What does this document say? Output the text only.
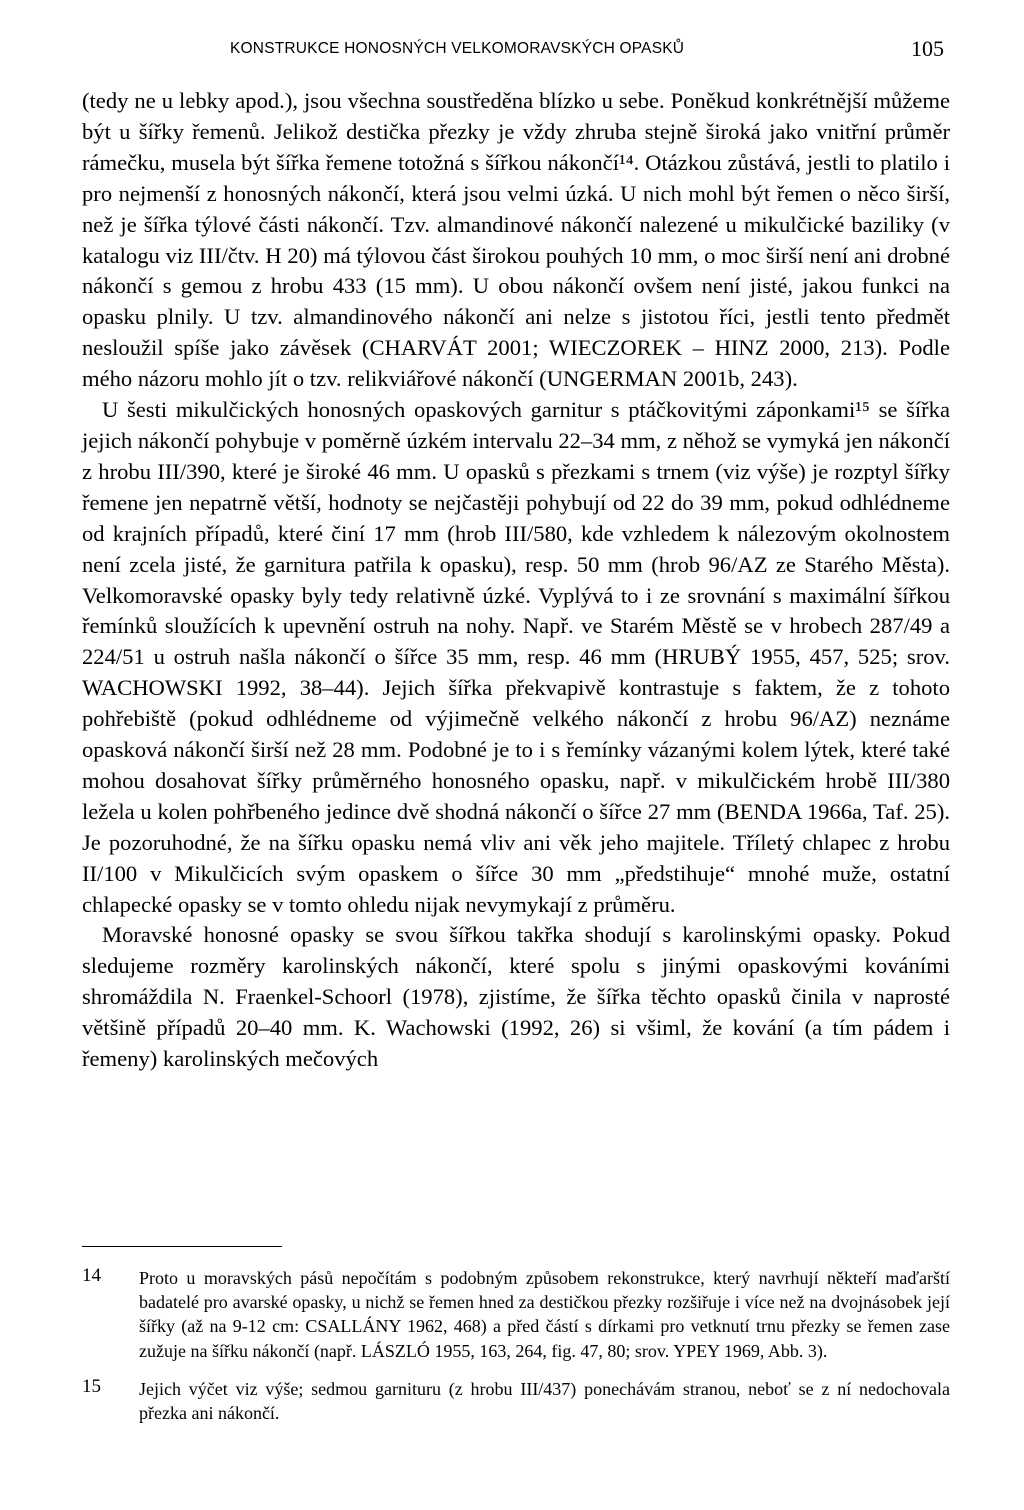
KONSTRUKCE HONOSNÝCH VELKOMORAVSKÝCH OPASKŮ	105

(tedy ne u lebky apod.), jsou všechna soustředěna blízko u sebe. Poněkud konkrétnější můžeme být u šířky řemenů. Jelikož destička přezky je vždy zhruba stejně široká jako vnitřní průměr rámečku, musela být šířka řemene totožná s šířkou nákončí¹⁴. Otázkou zůstává, jestli to platilo i pro nejmenší z honosných nákončí, která jsou velmi úzká. U nich mohl být řemen o něco širší, než je šířka týlové části nákončí. Tzv. almandinové nákončí nalezené u mikulčické baziliky (v katalogu viz III/čtv. H 20) má týlovou část širokou pouhých 10 mm, o moc širší není ani drobné nákončí s gemou z hrobu 433 (15 mm). U obou nákončí ovšem není jisté, jakou funkci na opasku plnily. U tzv. almandinového nákončí ani nelze s jistotou říci, jestli tento předmět nesloužil spíše jako závěsek (CHARVÁT 2001; WIECZOREK – HINZ 2000, 213). Podle mého názoru mohlo jít o tzv. relikviářové nákončí (UNGERMAN 2001b, 243).

U šesti mikulčických honosných opaskových garnitur s ptáčkovitými záponkami¹⁵ se šířka jejich nákončí pohybuje v poměrně úzkém intervalu 22–34 mm, z něhož se vymyká jen nákončí z hrobu III/390, které je široké 46 mm. U opasků s přezkami s trnem (viz výše) je rozptyl šířky řemene jen nepatrně větší, hodnoty se nejčastěji pohybují od 22 do 39 mm, pokud odhlédneme od krajních případů, které činí 17 mm (hrob III/580, kde vzhledem k nálezovým okolnostem není zcela jisté, že garnitura patřila k opasku), resp. 50 mm (hrob 96/AZ ze Starého Města). Velkomoravské opasky byly tedy relativně úzké. Vyplývá to i ze srovnání s maximální šířkou řemínků sloužících k upevnění ostruh na nohy. Např. ve Starém Městě se v hrobech 287/49 a 224/51 u ostruh našla nákončí o šířce 35 mm, resp. 46 mm (HRUBÝ 1955, 457, 525; srov. WACHOWSKI 1992, 38–44). Jejich šířka překvapivě kontrastuje s faktem, že z tohoto pohřebiště (pokud odhlédneme od výjimečně velkého nákončí z hrobu 96/AZ) neznáme opasková nákončí širší než 28 mm. Podobné je to i s řemínky vázanými kolem lýtek, které také mohou dosahovat šířky průměrného honosného opasku, např. v mikulčickém hrobě III/380 ležela u kolen pohřbeného jedince dvě shodná nákončí o šířce 27 mm (BENDA 1966a, Taf. 25). Je pozoruhodné, že na šířku opasku nemá vliv ani věk jeho majitele. Tříletý chlapec z hrobu II/100 v Mikulčicích svým opaskem o šířce 30 mm „předstihuje“ mnohé muže, ostatní chlapecké opasky se v tomto ohledu nijak nevymykají z průměru.

Moravské honosné opasky se svou šířkou takřka shodují s karolinskými opasky. Pokud sledujeme rozměry karolinských nákončí, které spolu s jinými opaskovými kováními shromáždila N. Fraenkel-Schoorl (1978), zjistíme, že šířka těchto opasků činila v naprosté většině případů 20–40 mm. K. Wachowski (1992, 26) si všiml, že kování (a tím pádem i řemeny) karolinských mečových

14 Proto u moravských pásů nepočítám s podobným způsobem rekonstrukce, který navrhují někteří maďarští badatelé pro avarské opasky, u nichž se řemen hned za destičkou přezky rozšiřuje i více než na dvojnásobek její šířky (až na 9-12 cm: CSALLÁNY 1962, 468) a před částí s dírkami pro vetknutí trnu přezky se řemen zase zužuje na šířku nákončí (např. LÁSZLÓ 1955, 163, 264, fig. 47, 80; srov. YPEY 1969, Abb. 3).
15 Jejich výčet viz výše; sedmou garnituru (z hrobu III/437) ponechávám stranou, neboť se z ní nedochovala přezka ani nákončí.
